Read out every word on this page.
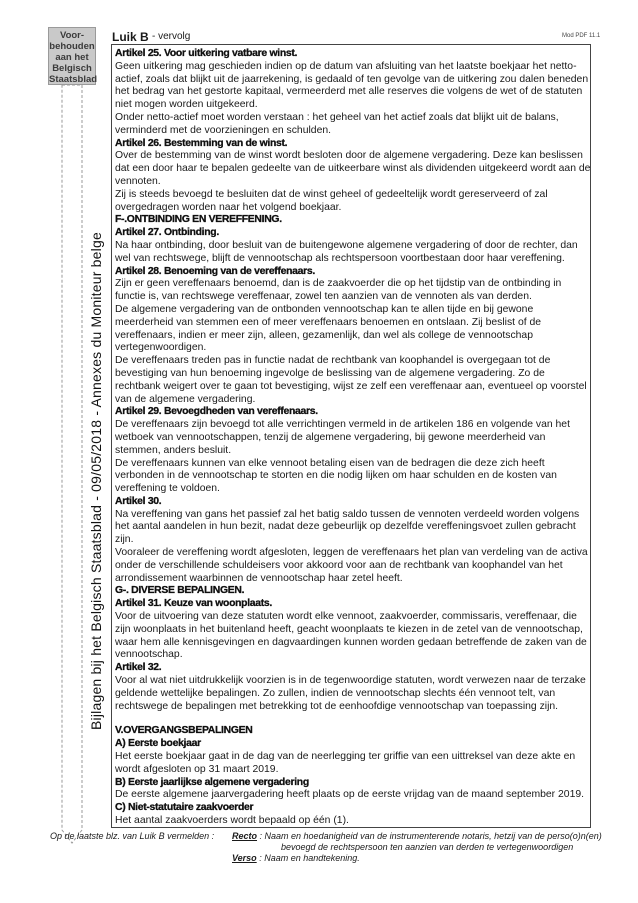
Voor-
behouden
aan het
Belgisch
Staatsblad
Bijlagen bij het Belgisch Staatsblad - 09/05/2018 - Annexes du Moniteur belge
Luik B - vervolg	Mod PDF 11.1

Artikel 25. Voor uitkering vatbare winst.

Geen uitkering mag geschieden indien op de datum van afsluiting van het laatste boekjaar het netto-actief, zoals dat blijkt uit de jaarrekening, is gedaald of ten gevolge van de uitkering zou dalen beneden het bedrag van het gestorte kapitaal, vermeerderd met alle reserves die volgens de wet of de statuten niet mogen worden uitgekeerd.

Onder netto-actief moet worden verstaan : het geheel van het actief zoals dat blijkt uit de balans, verminderd met de voorzieningen en schulden.

Artikel 26. Bestemming van de winst.

Over de bestemming van de winst wordt besloten door de algemene vergadering. Deze kan beslissen dat een door haar te bepalen gedeelte van de uitkeerbare winst als dividenden uitgekeerd wordt aan de vennoten.

Zij is steeds bevoegd te besluiten dat de winst geheel of gedeeltelijk wordt gereserveerd of zal overgedragen worden naar het volgend boekjaar.

F-.ONTBINDING EN VEREFFENING.

Artikel 27. Ontbinding.

Na haar ontbinding, door besluit van de buitengewone algemene vergadering of door de rechter, dan wel van rechtswege, blijft de vennootschap als rechtspersoon voortbestaan door haar vereffening.

Artikel 28. Benoeming van de vereffenaars.

Zijn er geen vereffenaars benoemd, dan is de zaakvoerder die op het tijdstip van de ontbinding in functie is, van rechtswege vereffenaar, zowel ten aanzien van de vennoten als van derden.

De algemene vergadering van de ontbonden vennootschap kan te allen tijde en bij gewone meerderheid van stemmen een of meer vereffenaars benoemen en ontslaan. Zij beslist of de vereffenaars, indien er meer zijn, alleen, gezamenlijk, dan wel als college de vennootschap vertegenwoordigen.

De vereffenaars treden pas in functie nadat de rechtbank van koophandel is overgegaan tot de bevestiging van hun benoeming ingevolge de beslissing van de algemene vergadering. Zo de rechtbank weigert over te gaan tot bevestiging, wijst ze zelf een vereffenaar aan, eventueel op voorstel van de algemene vergadering.

Artikel 29. Bevoegdheden van vereffenaars.

De vereffenaars zijn bevoegd tot alle verrichtingen vermeld in de artikelen 186 en volgende van het wetboek van vennootschappen, tenzij de algemene vergadering, bij gewone meerderheid van stemmen, anders besluit.

De vereffenaars kunnen van elke vennoot betaling eisen van de bedragen die deze zich heeft verbonden in de vennootschap te storten en die nodig lijken om haar schulden en de kosten van vereffening te voldoen.

Artikel 30.

Na vereffening van gans het passief zal het batig saldo tussen de vennoten verdeeld worden volgens het aantal aandelen in hun bezit, nadat deze gebeurlijk op dezelfde vereffeningsvoet zullen gebracht zijn.

Vooraleer de vereffening wordt afgesloten, leggen de vereffenaars het plan van verdeling van de activa onder de verschillende schuldeisers voor akkoord voor aan de rechtbank van koophandel van het arrondissement waarbinnen de vennootschap haar zetel heeft.

G-. DIVERSE BEPALINGEN.

Artikel 31. Keuze van woonplaats.

Voor de uitvoering van deze statuten wordt elke vennoot, zaakvoerder, commissaris, vereffenaar, die zijn woonplaats in het buitenland heeft, geacht woonplaats te kiezen in de zetel van de vennootschap, waar hem alle kennisgevingen en dagvaardingen kunnen worden gedaan betreffende de zaken van de vennootschap.

Artikel 32.

Voor al wat niet uitdrukkelijk voorzien is in de tegenwoordige statuten, wordt verwezen naar de terzake geldende wettelijke bepalingen. Zo zullen, indien de vennootschap slechts één vennoot telt, van rechtswege de bepalingen met betrekking tot de eenhoofdige vennootschap van toepassing zijn.

V.OVERGANGSBEPALINGEN

A) Eerste boekjaar

Het eerste boekjaar gaat in de dag van de neerlegging ter griffie van een uittreksel van deze akte en wordt afgesloten op 31 maart 2019.

B) Eerste jaarlijkse algemene vergadering

De eerste algemene jaarvergadering heeft plaats op de eerste vrijdag van de maand september 2019.

C) Niet-statutaire zaakvoerder

Het aantal zaakvoerders wordt bepaald op één (1).

Op de laatste blz. van Luik B vermelden : Recto : Naam en hoedanigheid van de instrumenterende notaris, hetzij van de perso(o)n(en)
bevoegd de rechtspersoon ten aanzien van derden te vertegenwoordigen
Verso : Naam en handtekening.
